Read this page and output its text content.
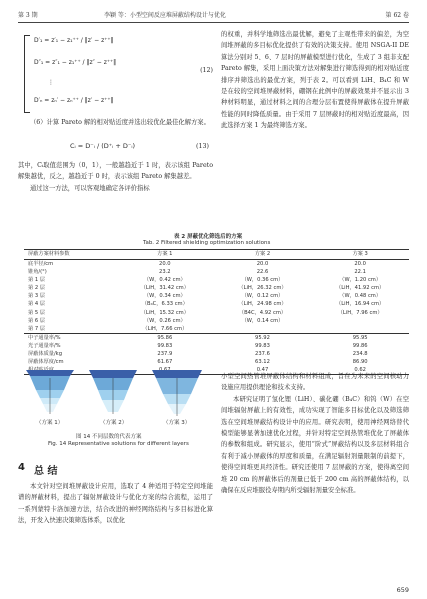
第 3 期	李颖 等：小型空间反应堆屏蔽结构设计与优化	第 62 卷
D′₁ = z′₁ − z₁⁺⁺ / ‖z′ − z⁺⁺‖
D″₁ = z″₁ − z₁⁺⁺ / ‖z″ − z⁺⁺‖
⋮
D′ₙ = zₙ′ − zₙ⁺⁺ / ‖z′ − z⁺⁺‖
(12)

（6）计算 Pareto 解的相对贴近度并选出较优化最佳化解方案。

Cᵢ = D⁻ᵢ / (D⁺ᵢ + D⁻ᵢ)	(13)

其中，Cᵢ取值范围为（0，1），一般越趋近于 1 时，表示该组 Pareto 解集越优，反之，越趋近于 0 时，表示该组 Pareto 解集越差。

通过这一方法，可以客观地确定各评价指标

的权重，并科学地筛选出最优解，避免了主观性带来的偏差，为空间堆屏蔽的多目标优化提供了有效的决策支持。使用 NSGA-II DE 算法分别对 5、6、7 层时的屏蔽模型进行优化，生成了 3 组非支配 Pareto 解集，采用上面决策方法对解集进行筛选得到的相对贴近度排序并筛选出的最优方案，列于表 2。可以看到 LiH、B₄C 和 W 是在较的空间堆屏蔽材料，硼钢在此例中的屏蔽效果并不显示出 3 种材料明显，通过材料之间的合理分层布置使得屏蔽体在提升屏蔽性能的同时降低质量。由于采用 7 层屏蔽时的相对贴近度最高，因此选择方案 1 为最终筛选方案。

表 2 屏蔽优化筛选后的方案
Tab. 2 Filtered shielding optimization solutions
屏蔽方案材料参数	方案 1	方案 2	方案 3
底半径/cm	20.0	20.0	20.0
锥角/(°)	23.2	22.6	22.1
第 1 层	（W，0.42 cm）	（W，0.36 cm）	（W，1.20 cm）
第 2 层	（LiH，31.42 cm）	（LiH，26.32 cm）	（LiH，41.92 cm）
第 3 层	（W，0.34 cm）	（W，0.12 cm）	（W，0.48 cm）
第 4 层	（B₄C，6.33 cm）	（LiH，24.98 cm）	（LiH，16.94 cm）
第 5 层	（LiH，15.32 cm）	（B4C，4.92 cm）	（LiH，7.96 cm）
第 6 层	（W，0.26 cm）	（W，0.14 cm）	
第 7 层	（LiH，7.66 cm）		
中子通量率/%	95.86	95.92	95.95
光子通量率/%	99.83	99.83	99.86
屏蔽体质量/kg	237.9	237.6	234.8
屏蔽体厚度/cm	61.67	63.12	86.90
		0.47	0.62
（方案 1）	（方案 2）	（方案 3）
图 14 不同层数的代表方案
Fig. 14 Representative solutions for different layers
4 总 结

本文针对空间堆屏蔽设计应用，选取了 4 种适用于特定空间堆能谱的屏蔽材料，提出了辐射屏蔽设计与优化方案的综合流程，运用了一系列蒙特卡洛加速方法，结合改进的神经网络结构与多目标进化算法，开发入快速决策筛选体系，以优化

小型空间热管堆屏蔽体结构和材料组成，旨在为未来的空间核动力设施应用提供理论和技术支持。

本研究证明了氢化锂（LiH）、碳化硼（B₄C）和钨（W）在空间堆辐射屏蔽上的有效性，成功实现了智能多目标优化以及筛选筛选在空间堆屏蔽结构设计中的应用。研究表明，使用神经网络替代模型能够显著加速优化过程，并针对特定空间热管堆优化了屏蔽体的参数和组成。研究显示，使用“阶式”屏蔽结构以及多层材料组合有利于减小屏蔽体的厚度和质量，在满足辐射剂量限制的前提下，使得空间堆更具经济性。研究还使用 7 层屏蔽的方案，使得离空间堆 20 cm 的屏蔽体后的剂量已低于 200 cm 高的屏蔽体结构，以确保在反应堆服役寿期内所受辐射剂量安全标准。

659
